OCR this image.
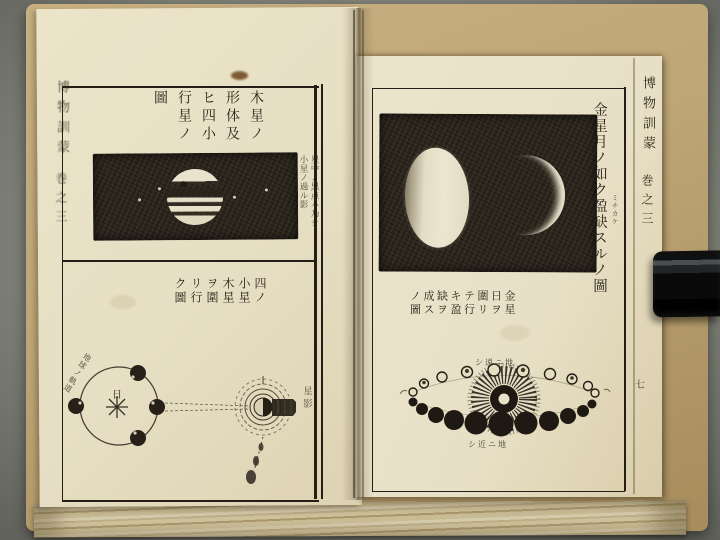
木星ノ形体及ヒ四小行星ノ圖
星中ノ黒点ハ乃チ小星ノ過ル影
四ノ小星木星ヲ圍リ行ク圖
地球ノ軌道
日	星影
金星月ノ如ク盈缺スルノ圖 ミチカケ
金星日ヲ圍リテ行キ盈缺ヲ成スノ圖
シ遠ニ地
シ近ニ地
博物訓蒙
巻之三
博物訓蒙
巻之三
七
